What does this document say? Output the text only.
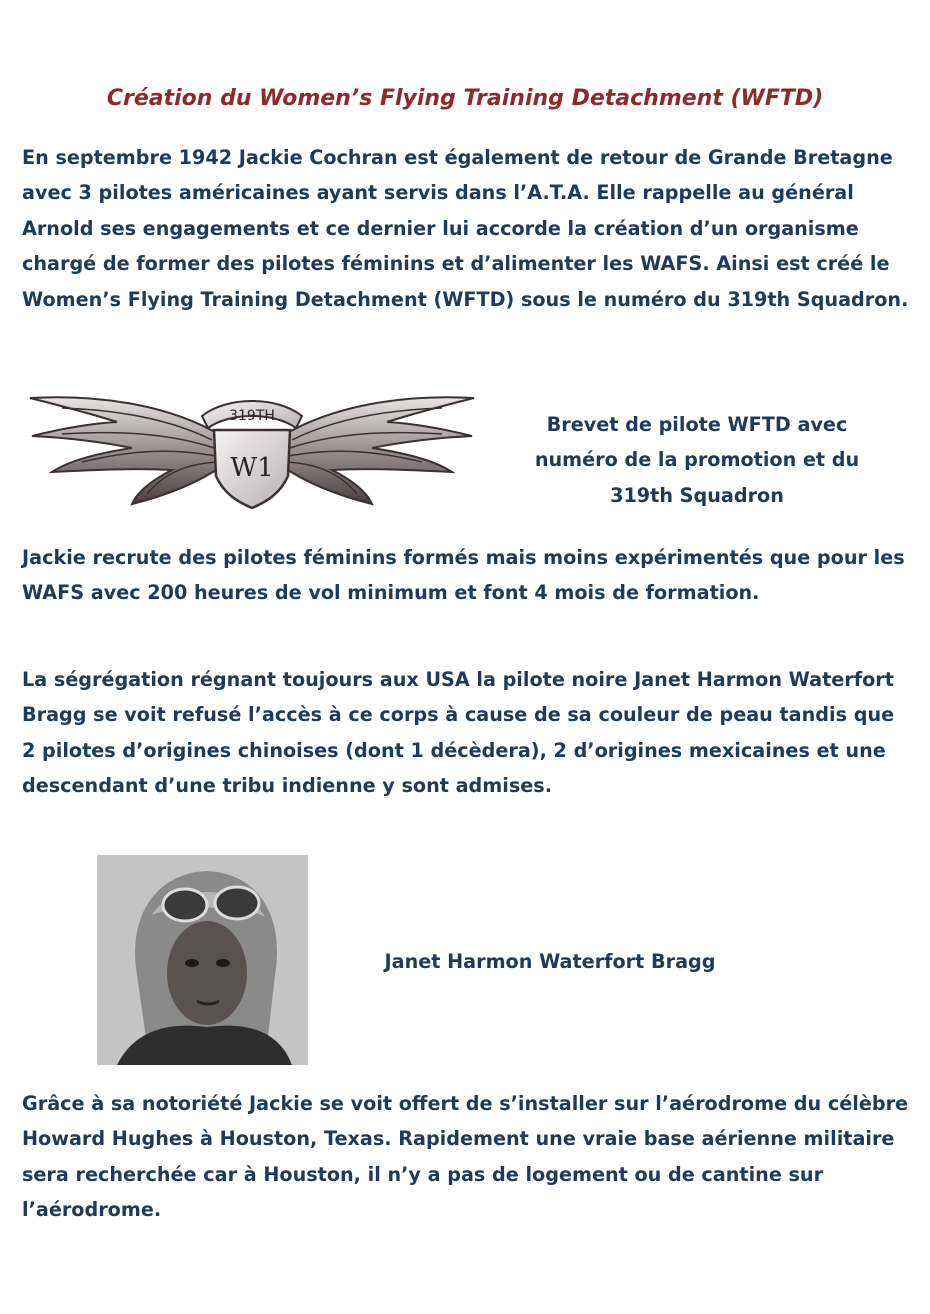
Création du Women’s Flying Training Detachment (WFTD)

En septembre 1942 Jackie Cochran est également de retour de Grande Bretagne avec 3 pilotes américaines ayant servis dans l’A.T.A. Elle rappelle au général Arnold ses engagements et ce dernier lui accorde la création d’un organisme chargé de former des pilotes féminins et d’alimenter les WAFS. Ainsi est créé le Women’s Flying Training Detachment (WFTD) sous le numéro du 319th Squadron.

319TH
W1
Brevet de pilote WFTD avec numéro de la promotion et du 319th Squadron

Jackie recrute des pilotes féminins formés mais moins expérimentés que pour les WAFS avec 200 heures de vol minimum et font 4 mois de formation.

La ségrégation régnant toujours aux USA la pilote noire Janet Harmon Waterfort Bragg se voit refusé l’accès à ce corps à cause de sa couleur de peau tandis que 2 pilotes d’origines chinoises (dont 1 décèdera), 2 d’origines mexicaines et une descendant d’une tribu indienne y sont admises.

Janet Harmon Waterfort Bragg

Grâce à sa notoriété Jackie se voit offert de s’installer sur l’aérodrome du célèbre Howard Hughes à Houston, Texas. Rapidement une vraie base aérienne militaire sera recherchée car à Houston, il n’y a pas de logement ou de cantine sur l’aérodrome.
